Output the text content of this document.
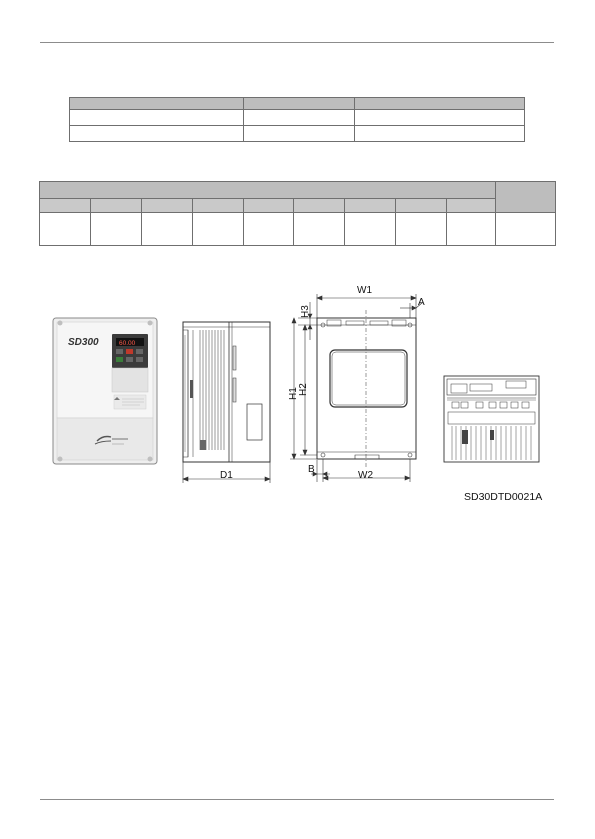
SD300	60.00
D1
W1
A
H3
H1 H2
B
W2
SD30DTD0021A
